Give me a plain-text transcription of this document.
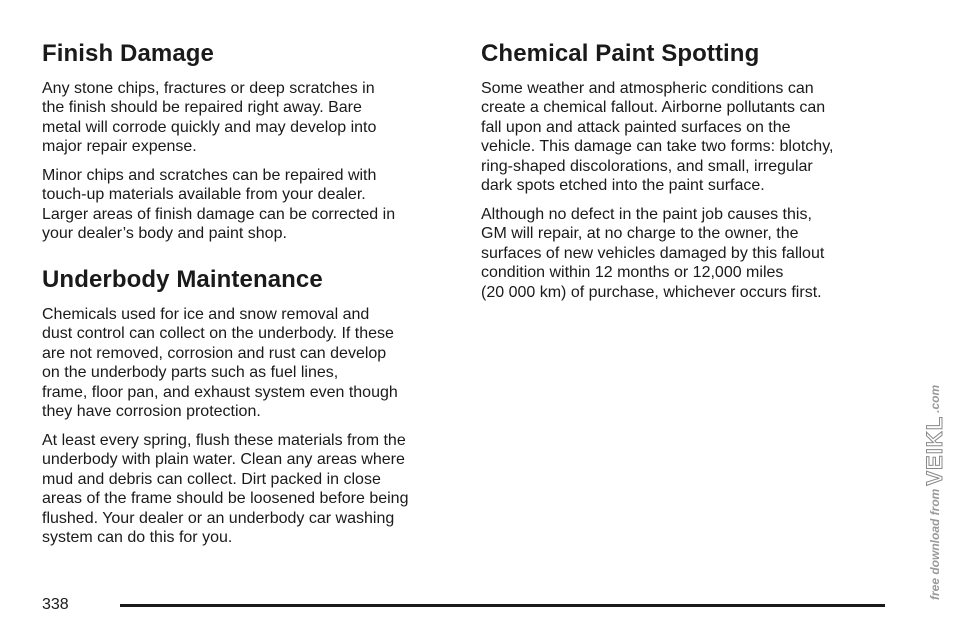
Finish Damage

Any stone chips, fractures or deep scratches in
the finish should be repaired right away. Bare
metal will corrode quickly and may develop into
major repair expense.

Minor chips and scratches can be repaired with
touch-up materials available from your dealer.
Larger areas of finish damage can be corrected in
your dealer’s body and paint shop.

Underbody Maintenance

Chemicals used for ice and snow removal and
dust control can collect on the underbody. If these
are not removed, corrosion and rust can develop
on the underbody parts such as fuel lines,
frame, floor pan, and exhaust system even though
they have corrosion protection.

At least every spring, flush these materials from the
underbody with plain water. Clean any areas where
mud and debris can collect. Dirt packed in close
areas of the frame should be loosened before being
flushed. Your dealer or an underbody car washing
system can do this for you.

Chemical Paint Spotting

Some weather and atmospheric conditions can
create a chemical fallout. Airborne pollutants can
fall upon and attack painted surfaces on the
vehicle. This damage can take two forms: blotchy,
ring-shaped discolorations, and small, irregular
dark spots etched into the paint surface.

Although no defect in the paint job causes this,
GM will repair, at no charge to the owner, the
surfaces of new vehicles damaged by this fallout
condition within 12 months or 12,000 miles
(20 000 km) of purchase, whichever occurs first.

338
free download from
VEIKL
.com
